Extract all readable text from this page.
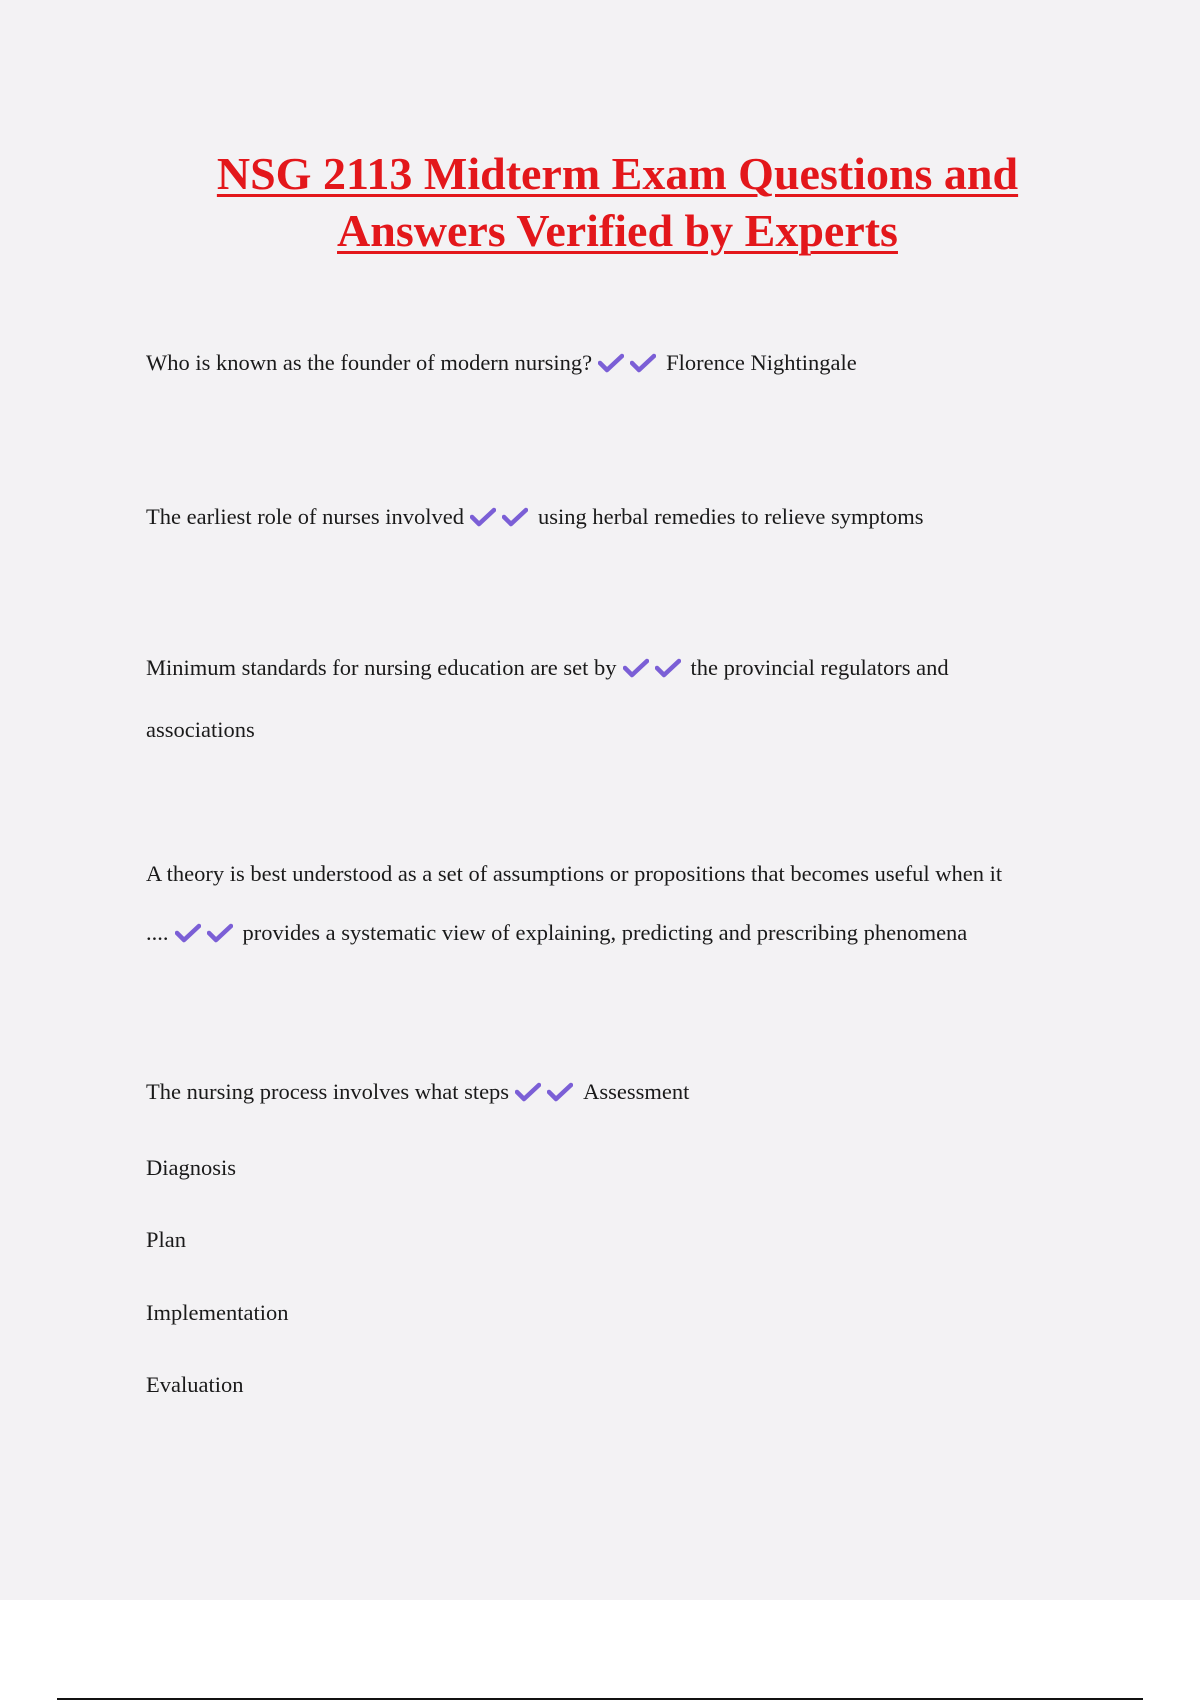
NSG 2113 Midterm Exam Questions and
Answers Verified by Experts
Who is known as the founder of modern nursing?	Florence Nightingale
The earliest role of nurses involved	using herbal remedies to relieve symptoms
Minimum standards for nursing education are set by	the provincial regulators and
associations
A theory is best understood as a set of assumptions or propositions that becomes useful when it
....	provides a systematic view of explaining, predicting and prescribing phenomena
The nursing process involves what steps	Assessment
Diagnosis
Plan
Implementation
Evaluation
